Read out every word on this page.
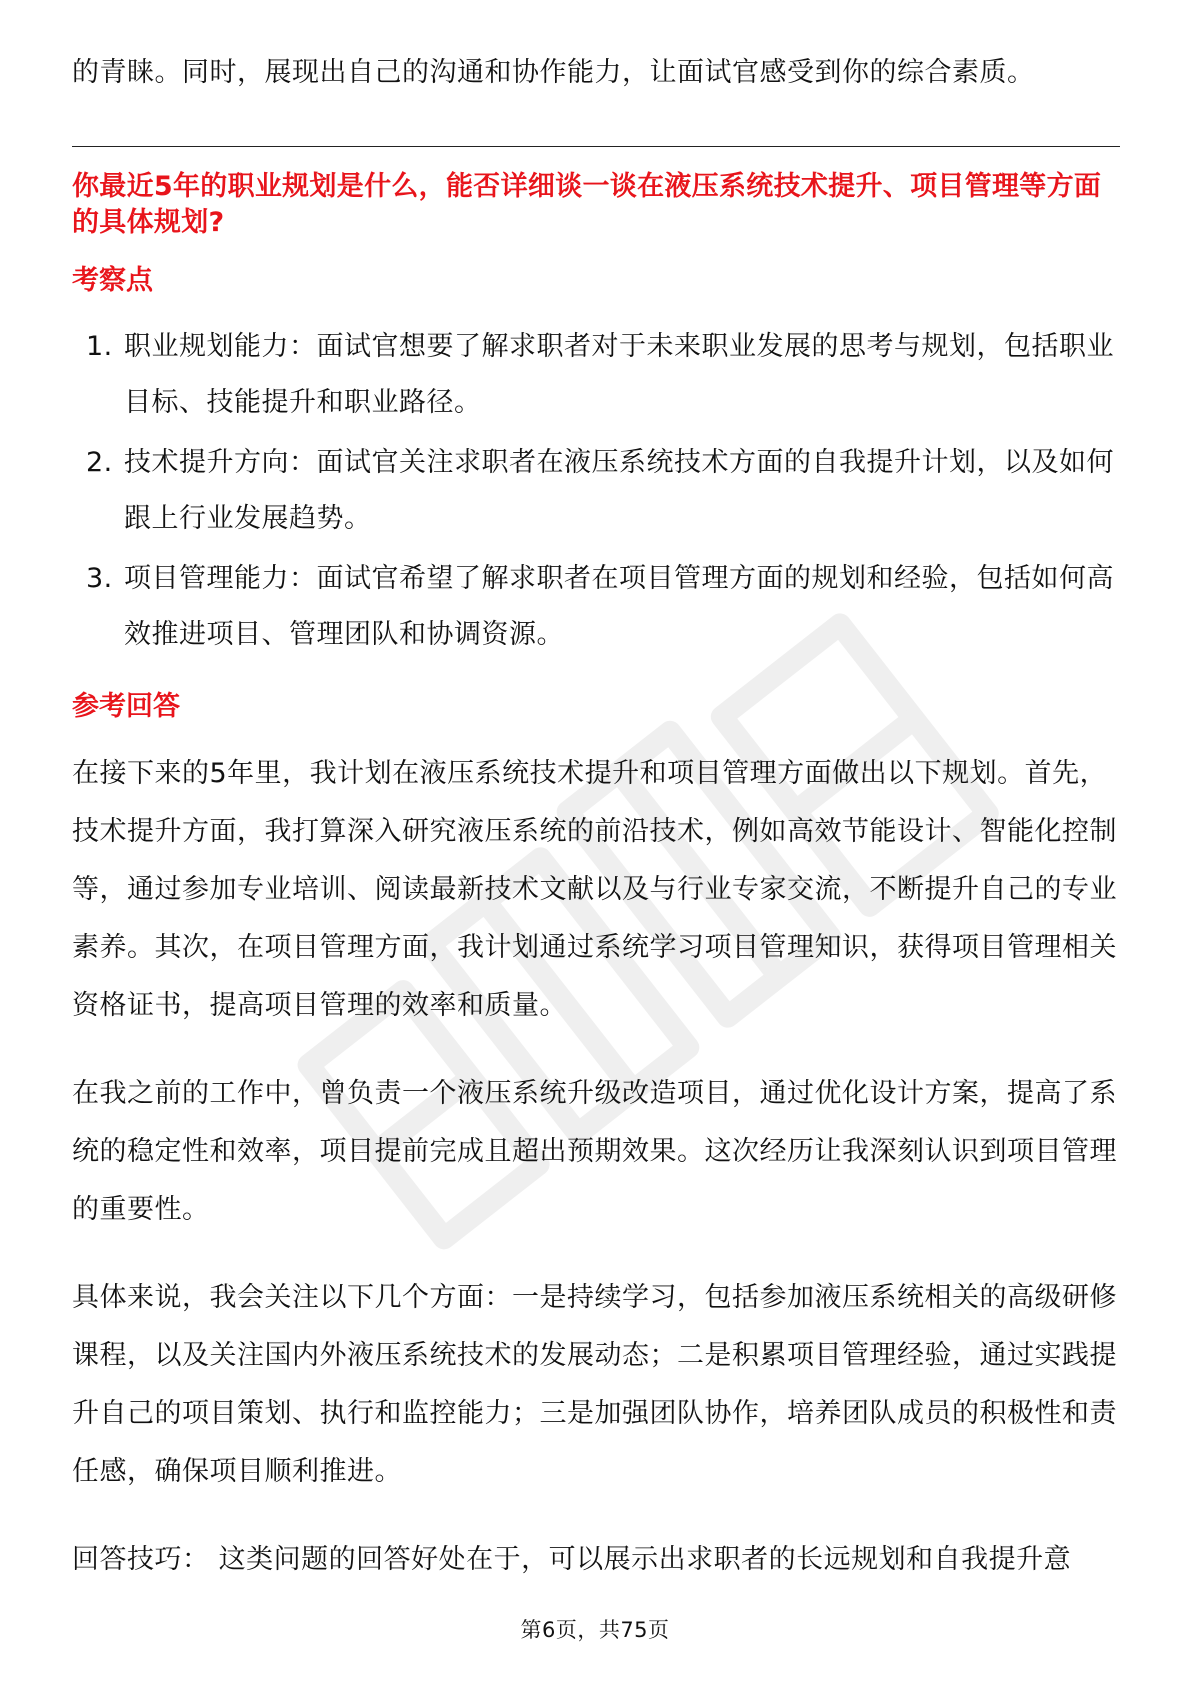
的青睐。同时，展现出自己的沟通和协作能力，让面试官感受到你的综合素质。

你最近5年的职业规划是什么，能否详细谈一谈在液压系统技术提升、项目管理等方面的具体规划?

考察点
1. 职业规划能力：面试官想要了解求职者对于未来职业发展的思考与规划，包括职业目标、技能提升和职业路径。
2. 技术提升方向：面试官关注求职者在液压系统技术方面的自我提升计划，以及如何跟上行业发展趋势。
3. 项目管理能力：面试官希望了解求职者在项目管理方面的规划和经验，包括如何高效推进项目、管理团队和协调资源。
参考回答

在接下来的5年里，我计划在液压系统技术提升和项目管理方面做出以下规划。首先，技术提升方面，我打算深入研究液压系统的前沿技术，例如高效节能设计、智能化控制等，通过参加专业培训、阅读最新技术文献以及与行业专家交流，不断提升自己的专业素养。其次，在项目管理方面，我计划通过系统学习项目管理知识，获得项目管理相关资格证书，提高项目管理的效率和质量。

在我之前的工作中，曾负责一个液压系统升级改造项目，通过优化设计方案，提高了系统的稳定性和效率，项目提前完成且超出预期效果。这次经历让我深刻认识到项目管理的重要性。

具体来说，我会关注以下几个方面：一是持续学习，包括参加液压系统相关的高级研修课程，以及关注国内外液压系统技术的发展动态；二是积累项目管理经验，通过实践提升自己的项目策划、执行和监控能力；三是加强团队协作，培养团队成员的积极性和责任感，确保项目顺利推进。

回答技巧： 这类问题的回答好处在于，可以展示出求职者的长远规划和自我提升意

第6页，共75页
